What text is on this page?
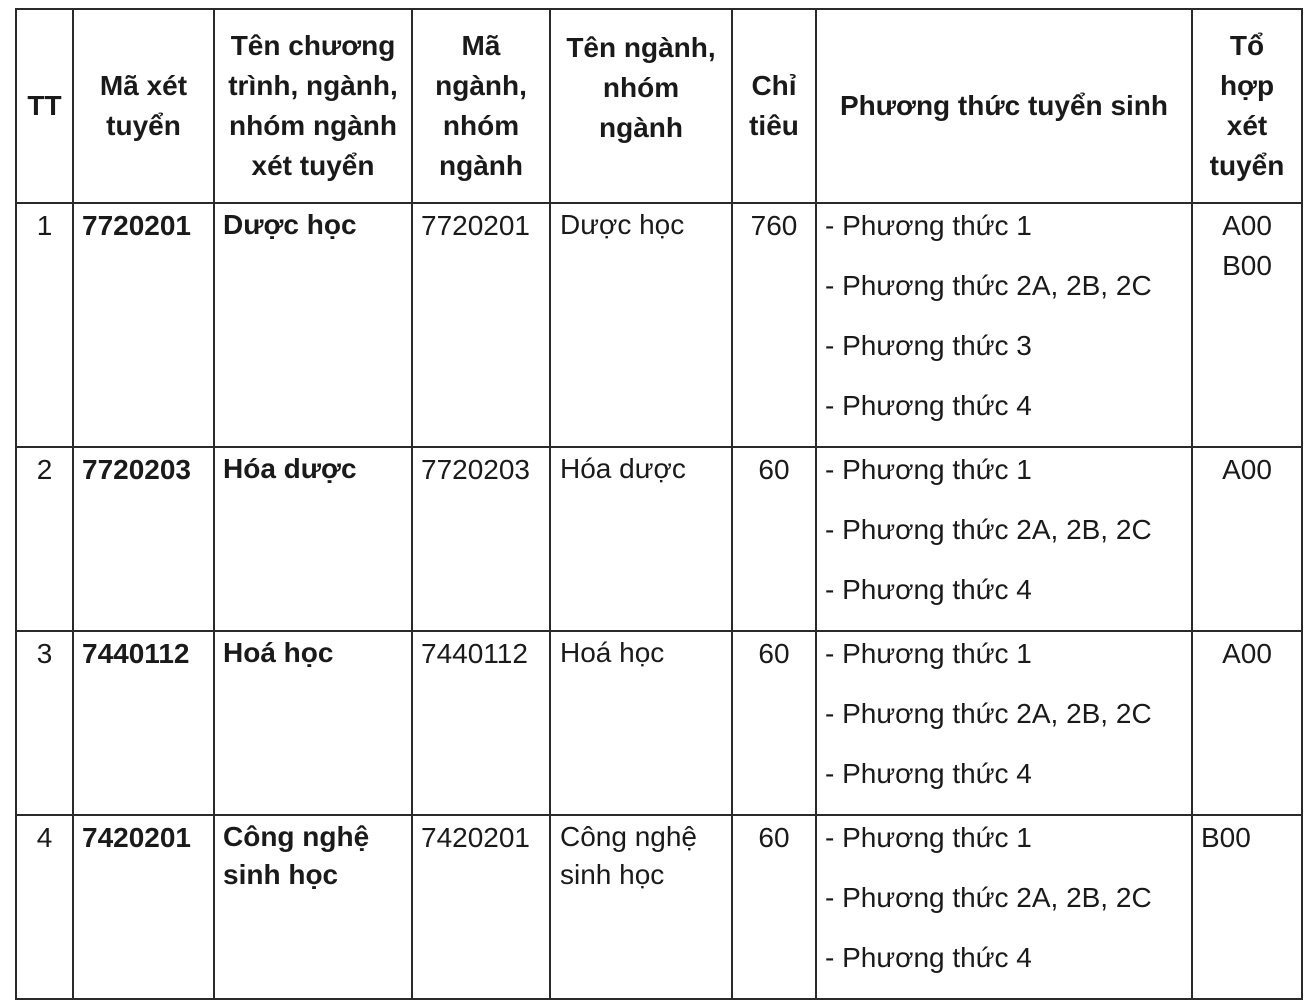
TT	Mã xét
tuyển	Tên chương
trình, ngành,
nhóm ngành
xét tuyển	Mã
ngành,
nhóm
ngành	Tên ngành,
nhóm
ngành	Chỉ
tiêu	Phương thức tuyển sinh	Tổ
hợp
xét
tuyển

1	7720201	Dược học	7720201	Dược học	760	- Phương thức 1
- Phương thức 2A, 2B, 2C
- Phương thức 3
- Phương thức 4	A00
B00

2	7720203	Hóa dược	7720203	Hóa dược	60	- Phương thức 1
- Phương thức 2A, 2B, 2C
- Phương thức 4	A00

3	7440112	Hoá học	7440112	Hoá học	60	- Phương thức 1
- Phương thức 2A, 2B, 2C
- Phương thức 4	A00

4	7420201	Công nghệ sinh học	7420201	Công nghệ sinh học	60	- Phương thức 1
- Phương thức 2A, 2B, 2C
- Phương thức 4	B00
